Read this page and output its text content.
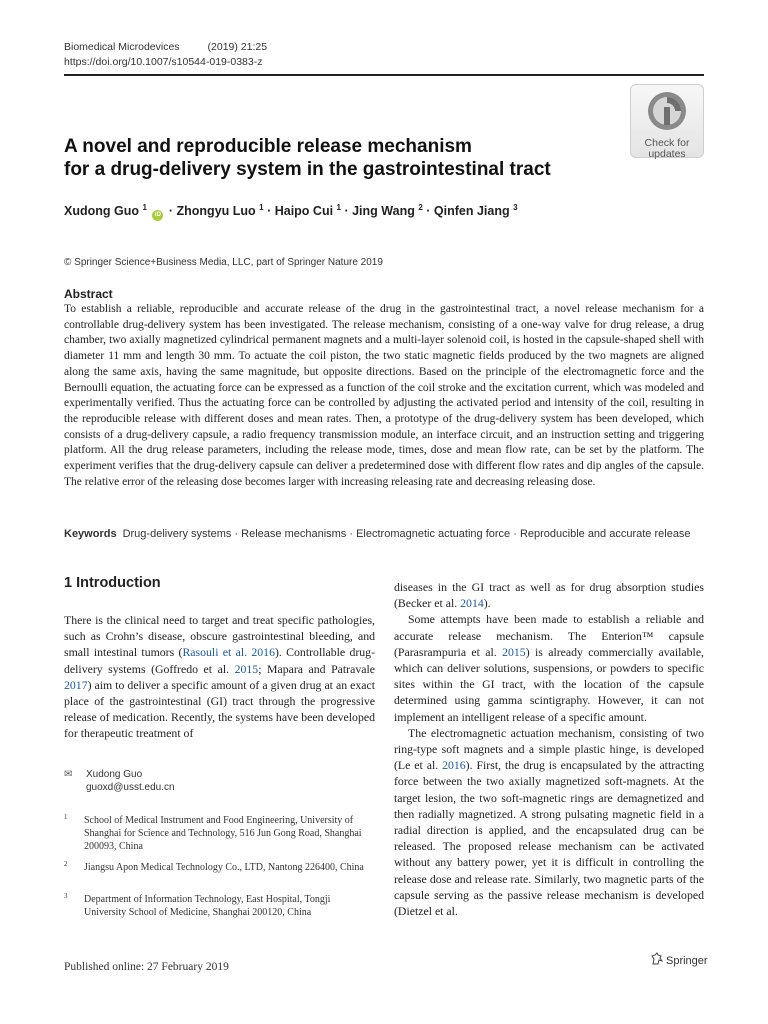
Biomedical Microdevices	(2019) 21:25
https://doi.org/10.1007/s10544-019-0383-z
Check for
updates
A novel and reproducible release mechanism
for a drug-delivery system in the gastrointestinal tract
Xudong Guo $^1$ iD · Zhongyu Luo $^1$ · Haipo Cui $^1$ · Jing Wang $^2$ · Qinfen Jiang $^3$
© Springer Science+Business Media, LLC, part of Springer Nature 2019
Abstract
To establish a reliable, reproducible and accurate release of the drug in the gastrointestinal tract, a novel release mechanism for a controllable drug-delivery system has been investigated. The release mechanism, consisting of a one-way valve for drug release, a drug chamber, two axially magnetized cylindrical permanent magnets and a multi-layer solenoid coil, is hosted in the capsule-shaped shell with diameter 11 mm and length 30 mm. To actuate the coil piston, the two static magnetic fields produced by the two magnets are aligned along the same axis, having the same magnitude, but opposite directions. Based on the principle of the electromagnetic force and the Bernoulli equation, the actuating force can be expressed as a function of the coil stroke and the excitation current, which was modeled and experimentally verified. Thus the actuating force can be controlled by adjusting the activated period and intensity of the coil, resulting in the reproducible release with different doses and mean rates. Then, a prototype of the drug-delivery system has been developed, which consists of a drug-delivery capsule, a radio frequency transmission module, an interface circuit, and an instruction setting and triggering platform. All the drug release parameters, including the release mode, times, dose and mean flow rate, can be set by the platform. The experiment verifies that the drug-delivery capsule can deliver a predetermined dose with different flow rates and dip angles of the capsule. The relative error of the releasing dose becomes larger with increasing releasing rate and decreasing releasing dose.
Keywords Drug-delivery systems · Release mechanisms · Electromagnetic actuating force · Reproducible and accurate release
1 Introduction

There is the clinical need to target and treat specific pathologies, such as Crohn’s disease, obscure gastrointestinal bleeding, and small intestinal tumors (Rasouli et al. 2016). Controllable drug-delivery systems (Goffredo et al. 2015; Mapara and Patravale 2017) aim to deliver a specific amount of a given drug at an exact place of the gastrointestinal (GI) tract through the progressive release of medication. Recently, the systems have been developed for therapeutic treatment of

diseases in the GI tract as well as for drug absorption studies (Becker et al. 2014).

Some attempts have been made to establish a reliable and accurate release mechanism. The Enterion™ capsule (Parasrampuria et al. 2015) is already commercially available, which can deliver solutions, suspensions, or powders to specific sites within the GI tract, with the location of the capsule determined using gamma scintigraphy. However, it can not implement an intelligent release of a specific amount.

The electromagnetic actuation mechanism, consisting of two ring-type soft magnets and a simple plastic hinge, is developed (Le et al. 2016). First, the drug is encapsulated by the attracting force between the two axially magnetized soft-magnets. At the target lesion, the two soft-magnetic rings are demagnetized and then radially magnetized. A strong pulsating magnetic field in a radial direction is applied, and the encapsulated drug can be released. The proposed release mechanism can be activated without any battery power, yet it is difficult in controlling the release dose and release rate. Similarly, two magnetic parts of the capsule serving as the passive release mechanism is developed (Dietzel et al.

✉ Xudong Guo
guoxd@usst.edu.cn
1 School of Medical Instrument and Food Engineering, University of Shanghai for Science and Technology, 516 Jun Gong Road, Shanghai 200093, China
2 Jiangsu Apon Medical Technology Co., LTD, Nantong 226400, China
3 Department of Information Technology, East Hospital, Tongji University School of Medicine, Shanghai 200120, China
Published online: 27 February 2019	Springer
